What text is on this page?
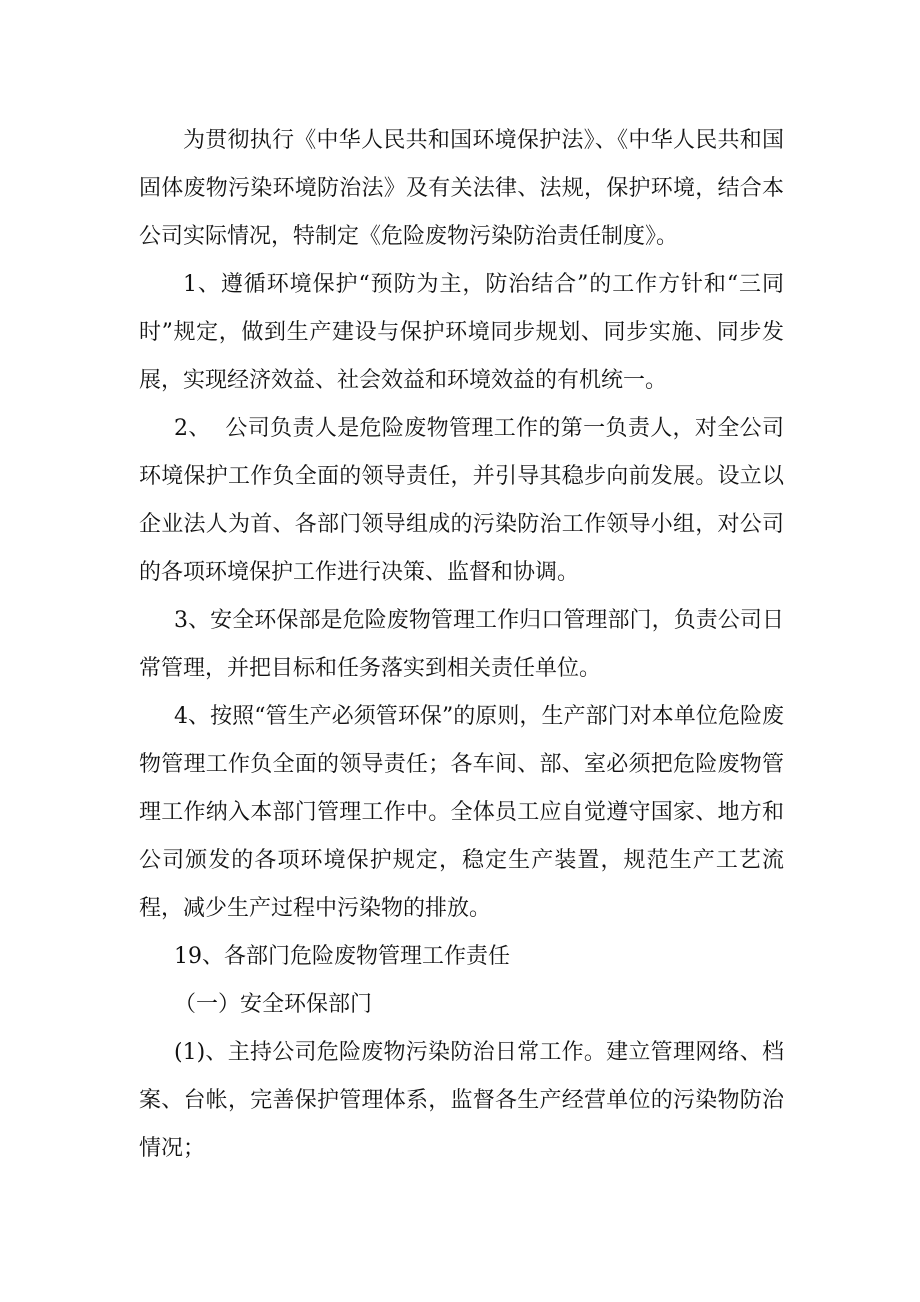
为贯彻执行《中华人民共和国环境保护法》、《中华人民共和国固体废物污染环境防治法》及有关法律、法规，保护环境，结合本公司实际情况，特制定《危险废物污染防治责任制度》。

1、遵循环境保护“预防为主，防治结合”的工作方针和“三同时”规定，做到生产建设与保护环境同步规划、同步实施、同步发展，实现经济效益、社会效益和环境效益的有机统一。

2、  公司负责人是危险废物管理工作的第一负责人，对全公司环境保护工作负全面的领导责任，并引导其稳步向前发展。设立以企业法人为首、各部门领导组成的污染防治工作领导小组，对公司的各项环境保护工作进行决策、监督和协调。

3、安全环保部是危险废物管理工作归口管理部门，负责公司日常管理，并把目标和任务落实到相关责任单位。

4、按照“管生产必须管环保”的原则，生产部门对本单位危险废物管理工作负全面的领导责任；各车间、部、室必须把危险废物管理工作纳入本部门管理工作中。全体员工应自觉遵守国家、地方和公司颁发的各项环境保护规定，稳定生产装置，规范生产工艺流程，减少生产过程中污染物的排放。

19、各部门危险废物管理工作责任

（一）安全环保部门

(1)、主持公司危险废物污染防治日常工作。建立管理网络、档案、台帐，完善保护管理体系，监督各生产经营单位的污染物防治情况；
